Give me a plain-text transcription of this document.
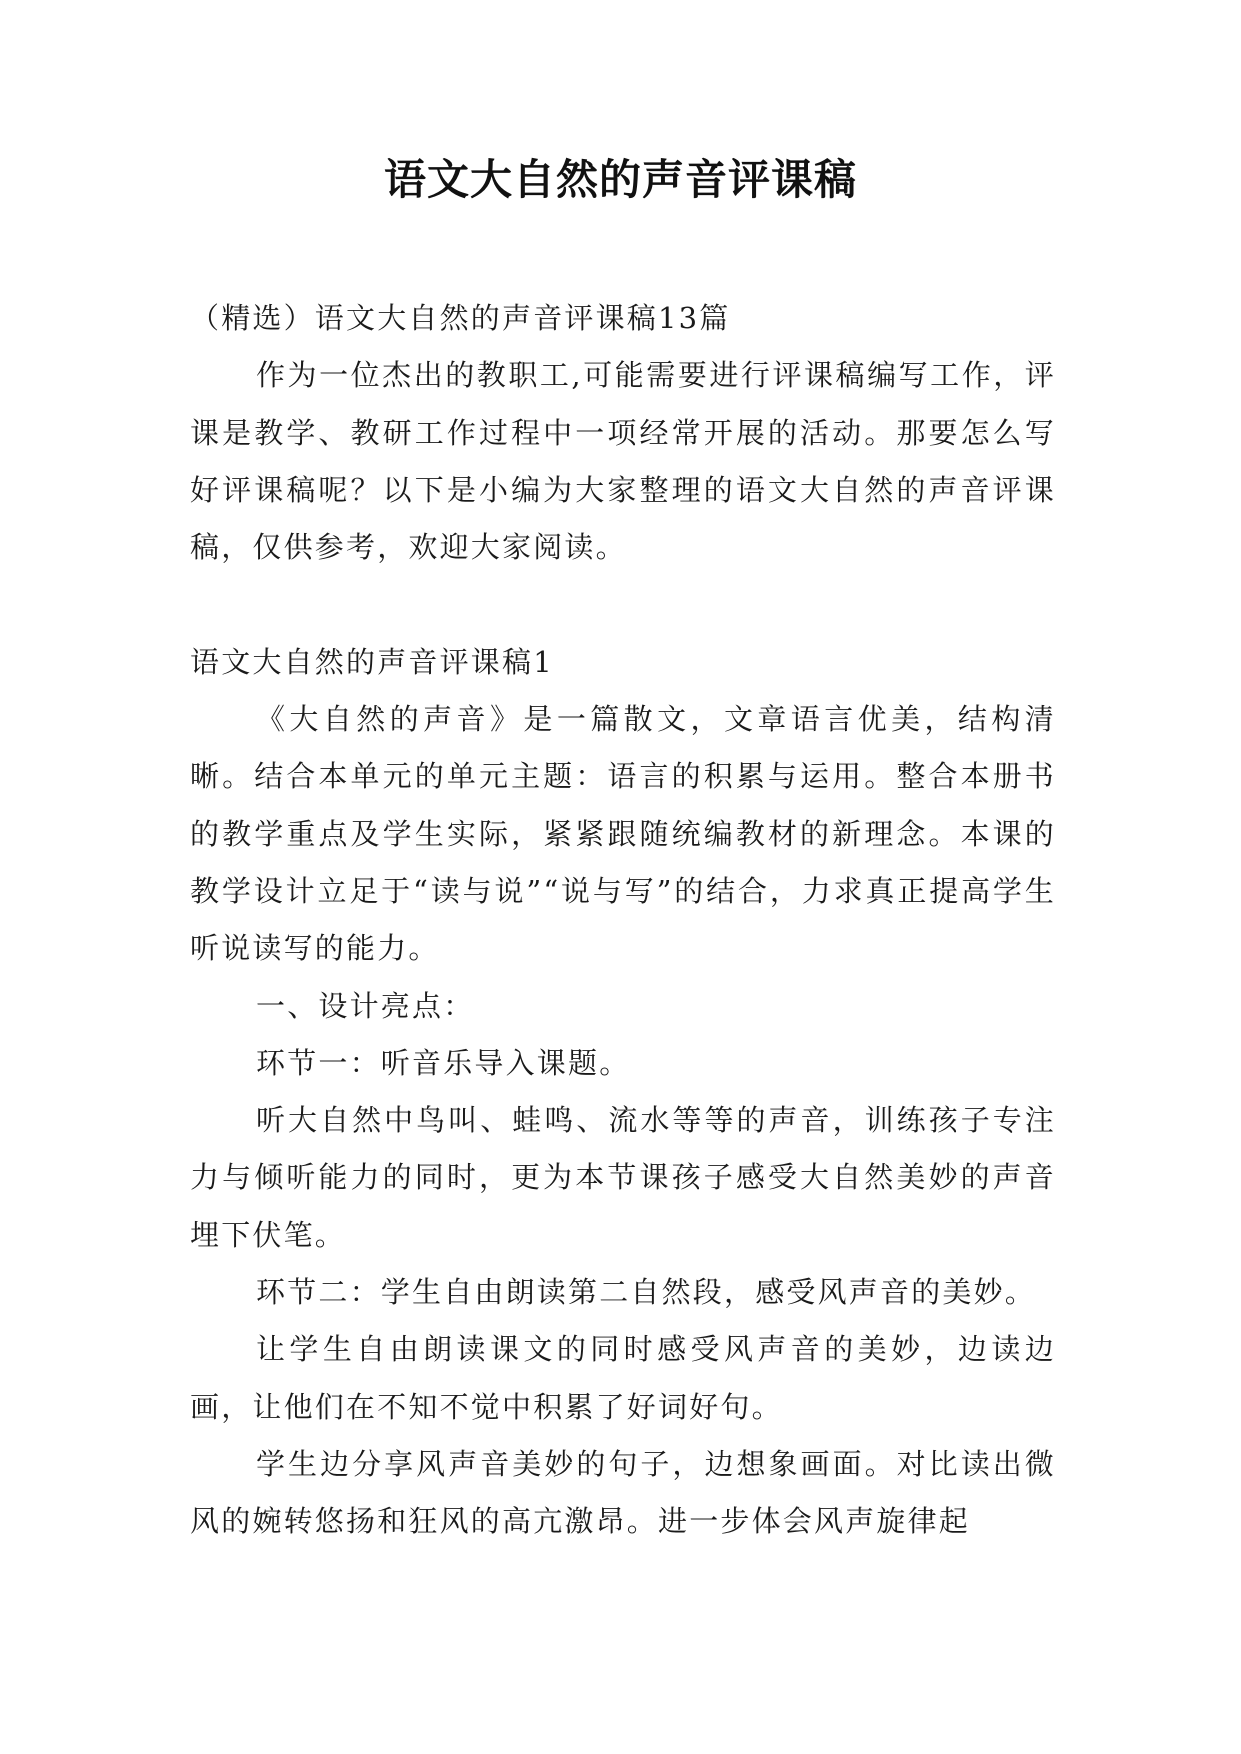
语文大自然的声音评课稿

（精选）语文大自然的声音评课稿13篇

作为一位杰出的教职工,可能需要进行评课稿编写工作，评课是教学、教研工作过程中一项经常开展的活动。那要怎么写好评课稿呢？以下是小编为大家整理的语文大自然的声音评课稿，仅供参考，欢迎大家阅读。

语文大自然的声音评课稿1

《大自然的声音》是一篇散文，文章语言优美，结构清晰。结合本单元的单元主题：语言的积累与运用。整合本册书的教学重点及学生实际，紧紧跟随统编教材的新理念。本课的教学设计立足于“读与说”“说与写”的结合，力求真正提高学生听说读写的能力。

一、设计亮点：

环节一：听音乐导入课题。

听大自然中鸟叫、蛙鸣、流水等等的声音，训练孩子专注力与倾听能力的同时，更为本节课孩子感受大自然美妙的声音埋下伏笔。

环节二：学生自由朗读第二自然段，感受风声音的美妙。

让学生自由朗读课文的同时感受风声音的美妙，边读边画，让他们在不知不觉中积累了好词好句。

学生边分享风声音美妙的句子，边想象画面。对比读出微风的婉转悠扬和狂风的高亢激昂。进一步体会风声旋律起
